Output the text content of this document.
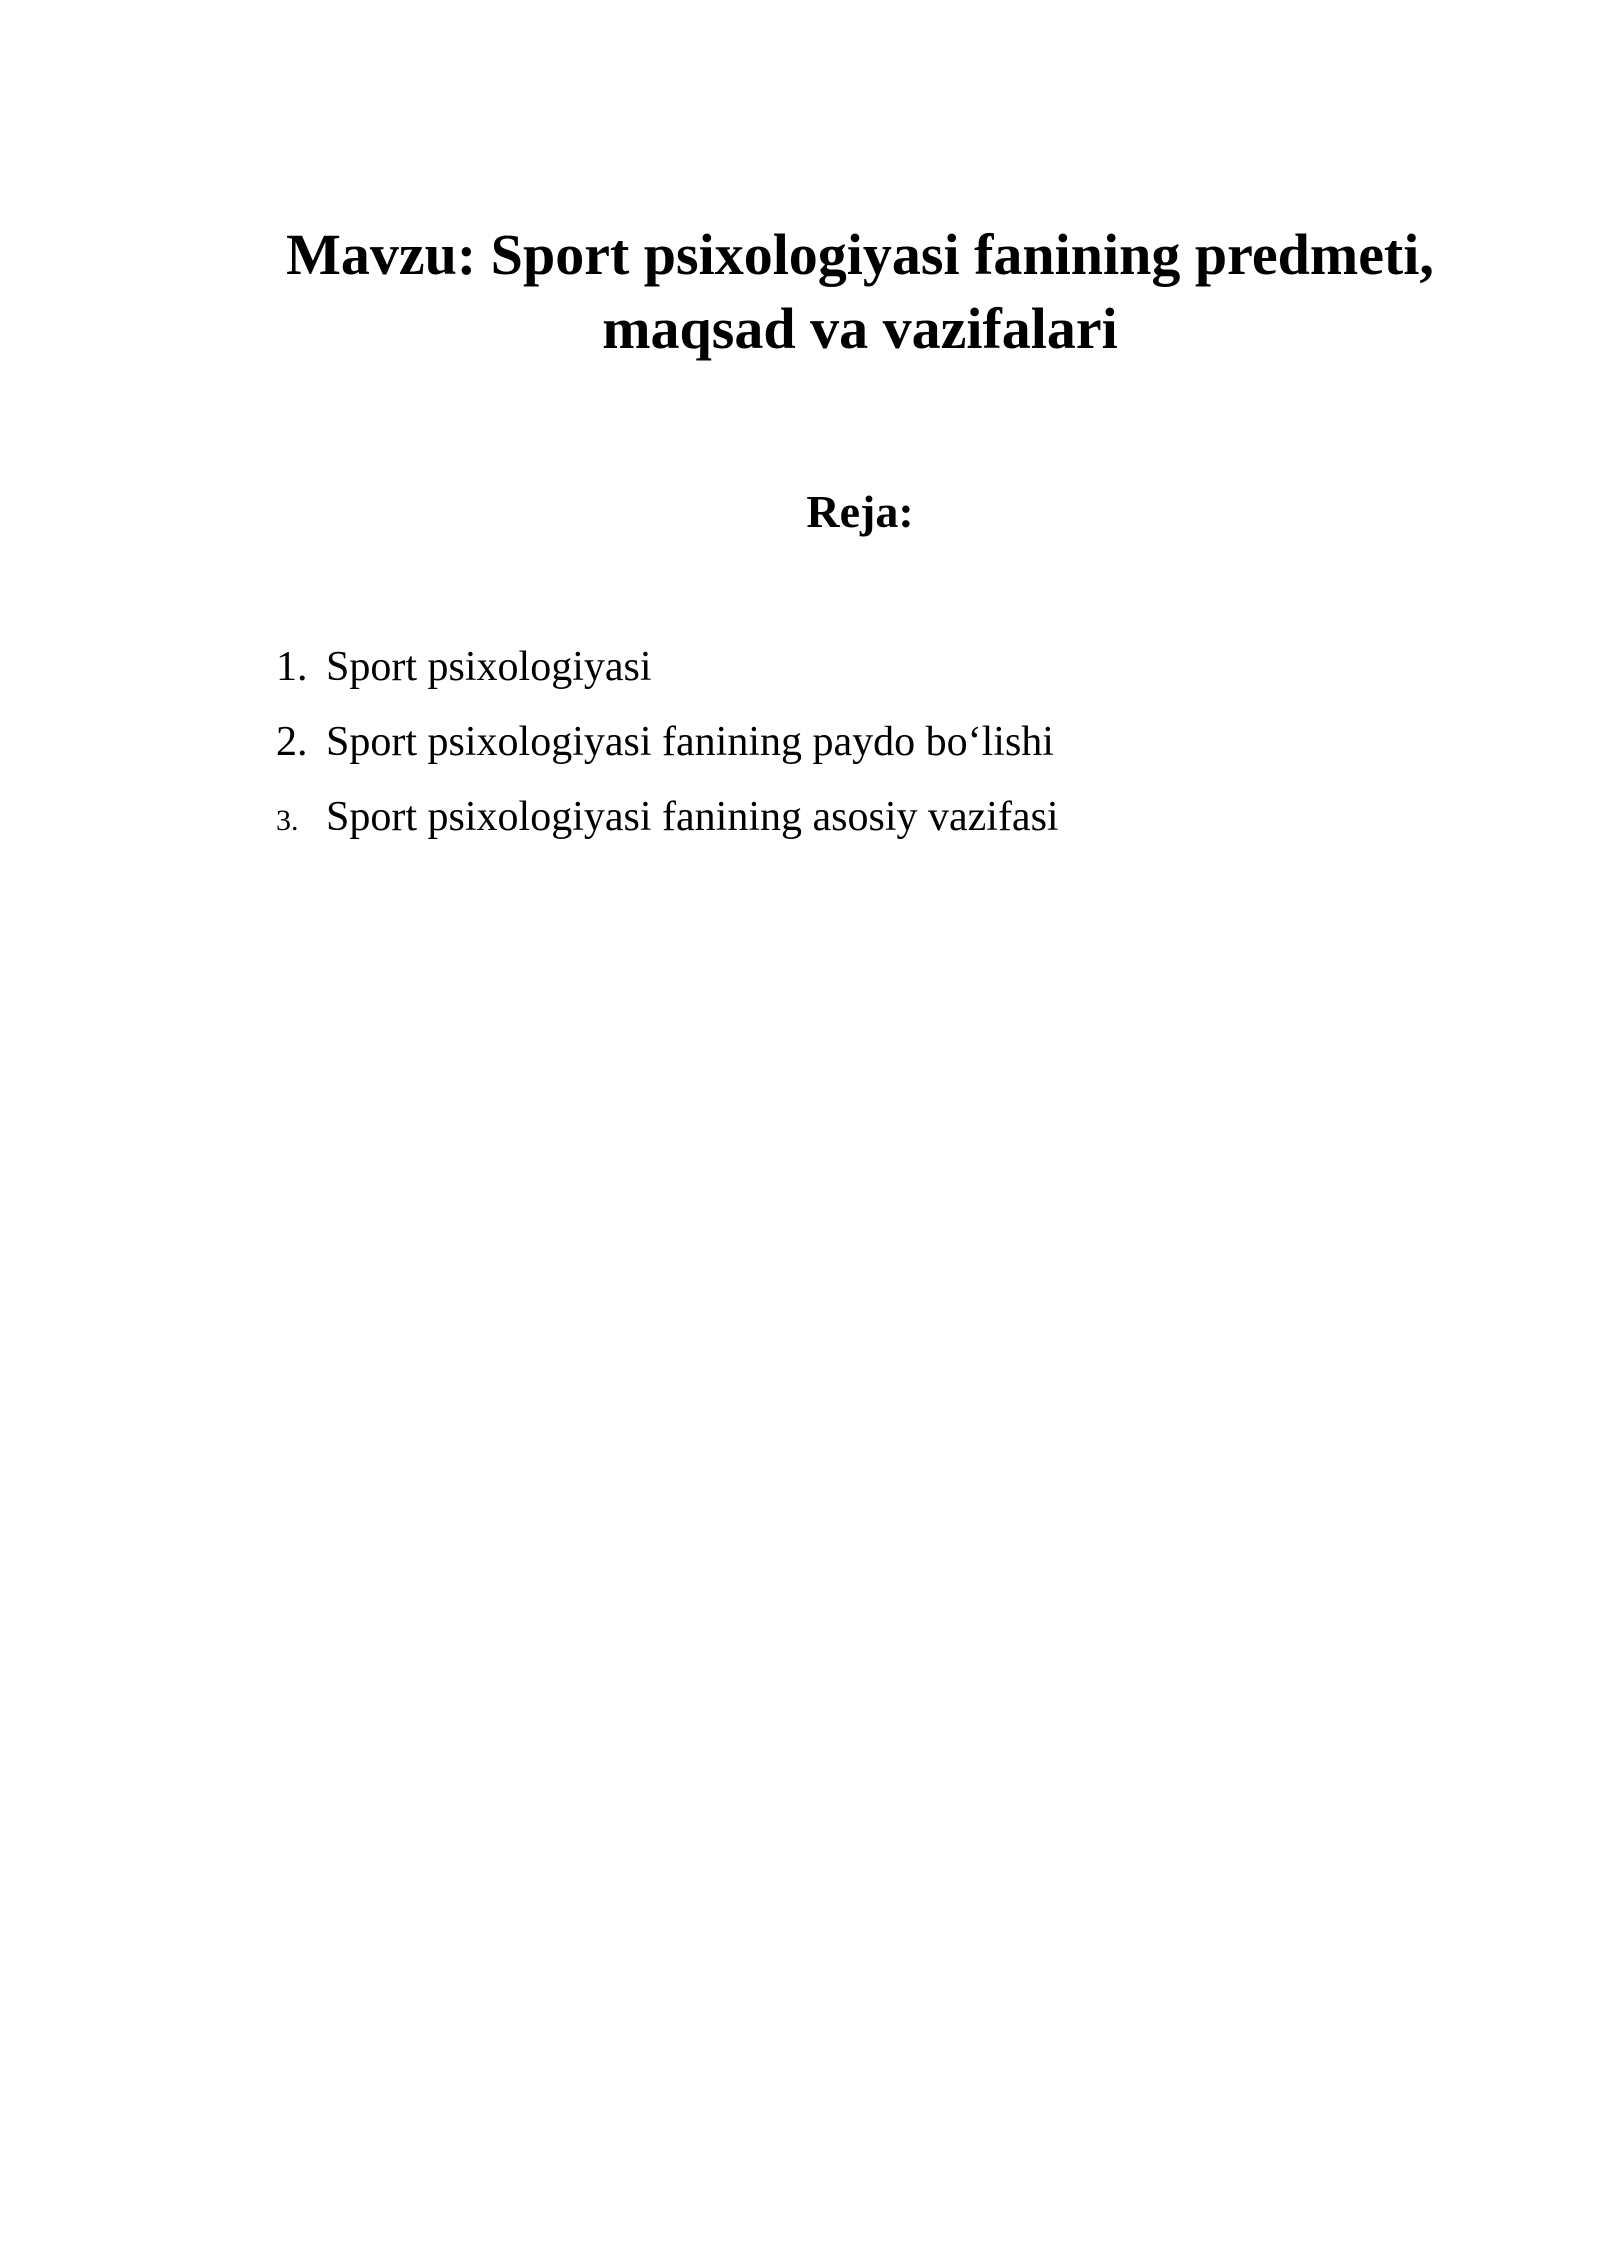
Mavzu: Sport psixologiyasi fanining predmeti,
maqsad va vazifalari
Reja:
1. Sport psixologiyasi
2. Sport psixologiyasi fanining paydo bo‘lishi
3. Sport psixologiyasi fanining asosiy vazifasi
